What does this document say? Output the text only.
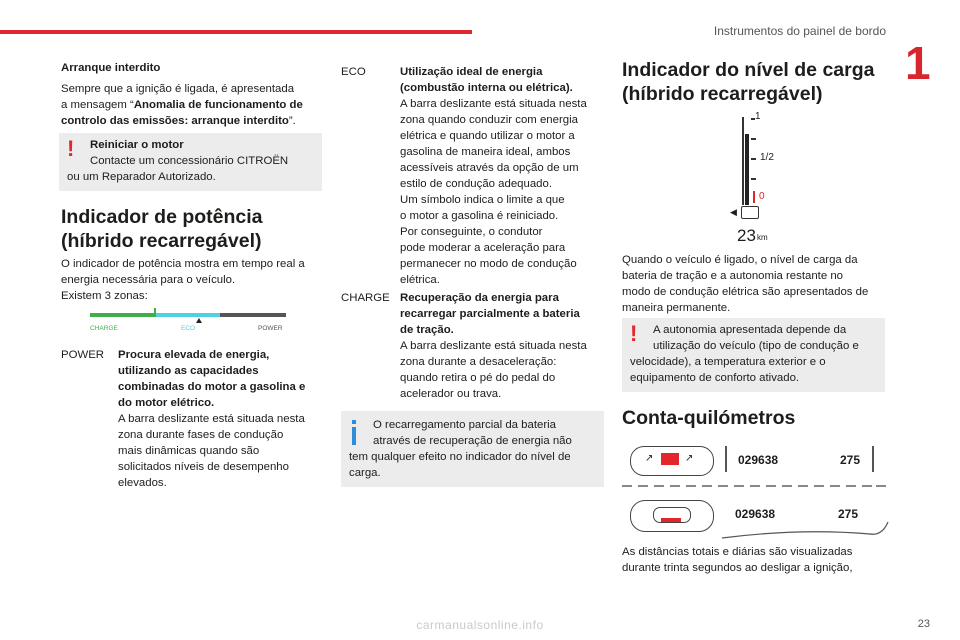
Instrumentos do painel de bordo
1
Arranque interdito
Sempre que a ignição é ligada, é apresentada
a mensagem “Anomalia de funcionamento de
controlo das emissões: arranque interdito”.
! Reiniciar o motor
Contacte um concessionário CITROËN
ou um Reparador Autorizado.
Indicador de potência
(híbrido recarregável)
O indicador de potência mostra em tempo real a
energia necessária para o veículo.
Existem 3 zonas:
CHARGE	ECO	POWER
POWER Procura elevada de energia,
utilizando as capacidades
combinadas do motor a gasolina e
do motor elétrico.
A barra deslizante está situada nesta
zona durante fases de condução
mais dinâmicas quando são
solicitados níveis de desempenho
elevados.
ECO	Utilização ideal de energia
(combustão interna ou elétrica).
A barra deslizante está situada nesta
zona quando conduzir com energia
elétrica e quando utilizar o motor a
gasolina de maneira ideal, ambos
acessíveis através da opção de um
estilo de condução adequado.
Um símbolo indica o limite a que
o motor a gasolina é reiniciado.
Por conseguinte, o condutor
pode moderar a aceleração para
permanecer no modo de condução
elétrica.
CHARGE Recuperação da energia para
recarregar parcialmente a bateria
de tração.
A barra deslizante está situada nesta
zona durante a desaceleração:
quando retira o pé do pedal do
acelerador ou trava.
O recarregamento parcial da bateria
através de recuperação de energia não
tem qualquer efeito no indicador do nível de
carga.
Indicador do nível de carga
(híbrido recarregável)
1
1/2
0
◀
23 km
Quando o veículo é ligado, o nível de carga da
bateria de tração e a autonomia restante no
modo de condução elétrica são apresentados de
maneira permanente.
! A autonomia apresentada depende da
utilização do veículo (tipo de condução e
velocidade), a temperatura exterior e o
equipamento de conforto ativado.
Conta-quilómetros
↗	↗	029638	275
029638	275
As distâncias totais e diárias são visualizadas
durante trinta segundos ao desligar a ignição,
carmanualsonline.info	23
